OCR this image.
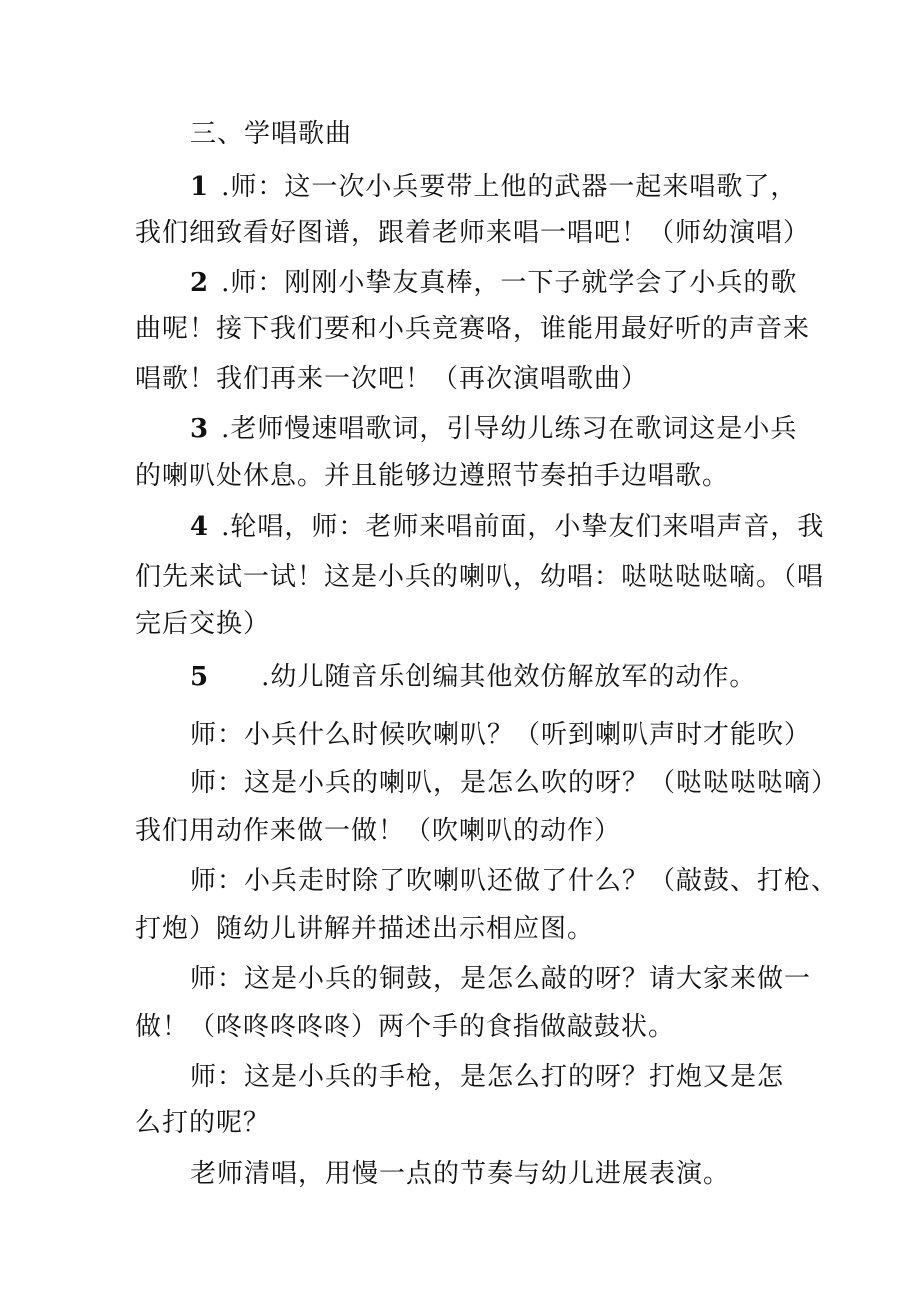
三、学唱歌曲
1 .师：这一次小兵要带上他的武器一起来唱歌了，
我们细致看好图谱，跟着老师来唱一唱吧！（师幼演唱）
2 .师：刚刚小挚友真棒，一下子就学会了小兵的歌
曲呢！接下我们要和小兵竞赛咯，谁能用最好听的声音来
唱歌！我们再来一次吧！（再次演唱歌曲）
3 .老师慢速唱歌词，引导幼儿练习在歌词这是小兵
的喇叭处休息。并且能够边遵照节奏拍手边唱歌。
4 .轮唱，师：老师来唱前面，小挚友们来唱声音，我
们先来试一试！这是小兵的喇叭，幼唱：哒哒哒哒嘀。（唱
完后交换）
5 .幼儿随音乐创编其他效仿解放军的动作。
师：小兵什么时候吹喇叭？（听到喇叭声时才能吹）
师：这是小兵的喇叭，是怎么吹的呀？（哒哒哒哒嘀）
我们用动作来做一做！（吹喇叭的动作）
师：小兵走时除了吹喇叭还做了什么？（敲鼓、打枪、
打炮）随幼儿讲解并描述出示相应图。
师：这是小兵的铜鼓，是怎么敲的呀？请大家来做一
做！（咚咚咚咚咚）两个手的食指做敲鼓状。
师：这是小兵的手枪，是怎么打的呀？打炮又是怎
么打的呢？
老师清唱，用慢一点的节奏与幼儿进展表演。
